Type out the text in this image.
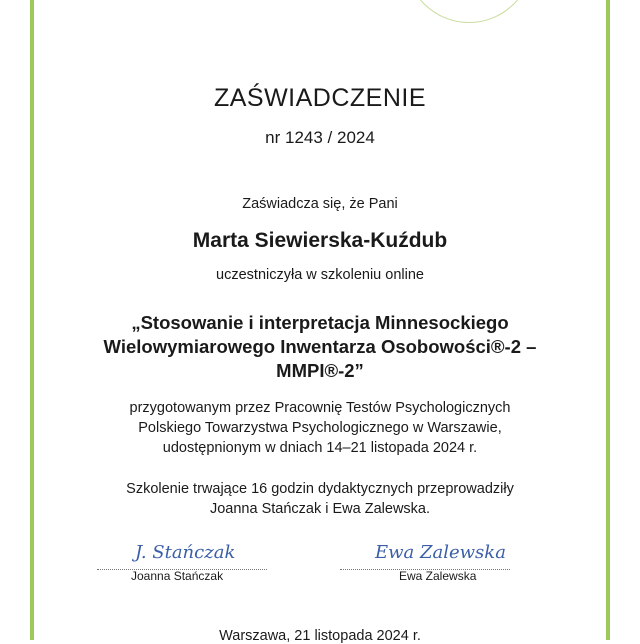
ZAŚWIADCZENIE
nr 1243 / 2024
Zaświadcza się, że Pani
Marta Siewierska-Kuźdub
uczestniczyła w szkoleniu online
„Stosowanie i interpretacja Minnesockiego
Wielowymiarowego Inwentarza Osobowości®-2 –
MMPI®-2”
przygotowanym przez Pracownię Testów Psychologicznych
Polskiego Towarzystwa Psychologicznego w Warszawie,
udostępnionym w dniach 14–21 listopada 2024 r.
Szkolenie trwające 16 godzin dydaktycznych przeprowadziły
Joanna Stańczak i Ewa Zalewska.
J. Stańczak
Joanna Stańczak
Ewa Zalewska
Ewa Zalewska
Warszawa, 21 listopada 2024 r.
